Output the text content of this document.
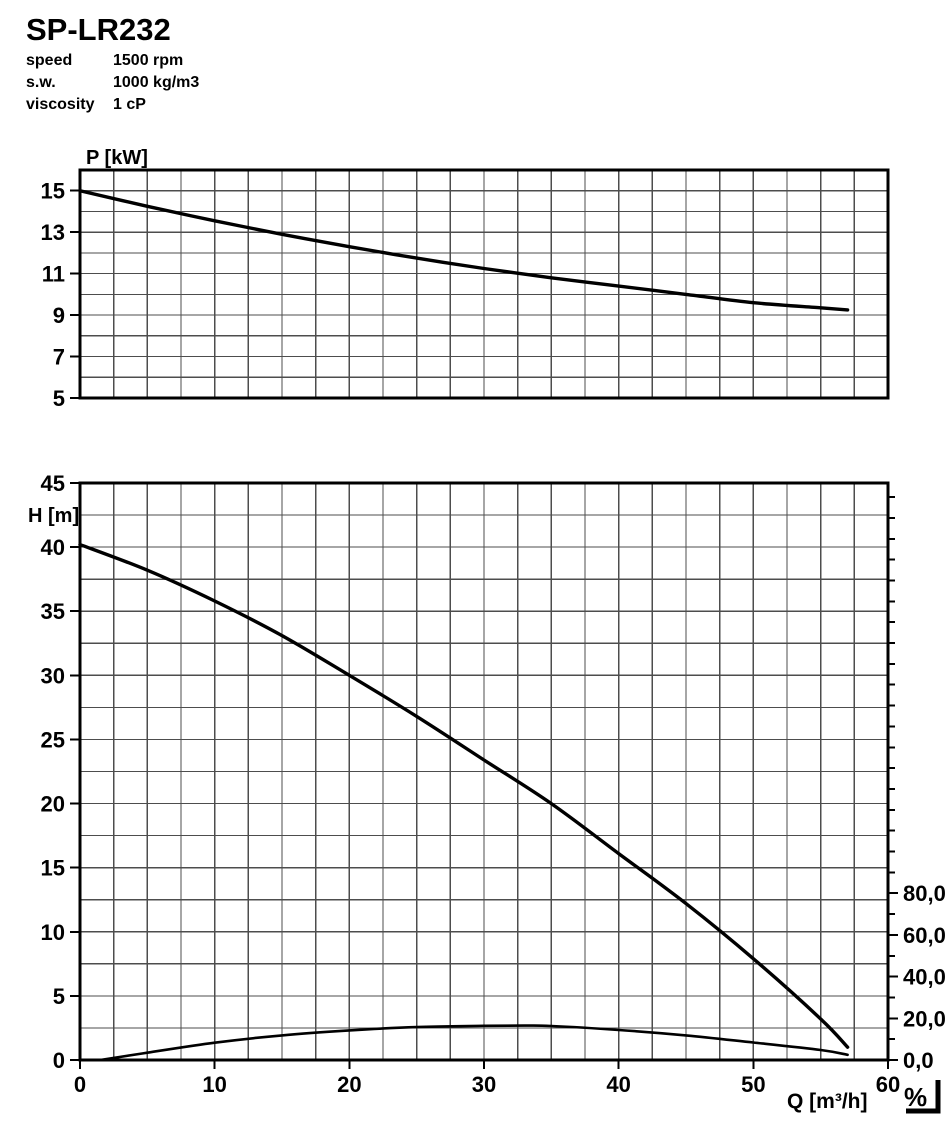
SP-LR232
speed	1500 rpm
s.w.	1000 kg/m3
viscosity 1 cP
P [kW]
15
13
11
9
7
5
H [m]
45
40
35
30
25
20
15
10
5
0
0	10	20	30	40	50	60
80,0
60,0
40,0
20,0
0,0
Q [m³/h] %
